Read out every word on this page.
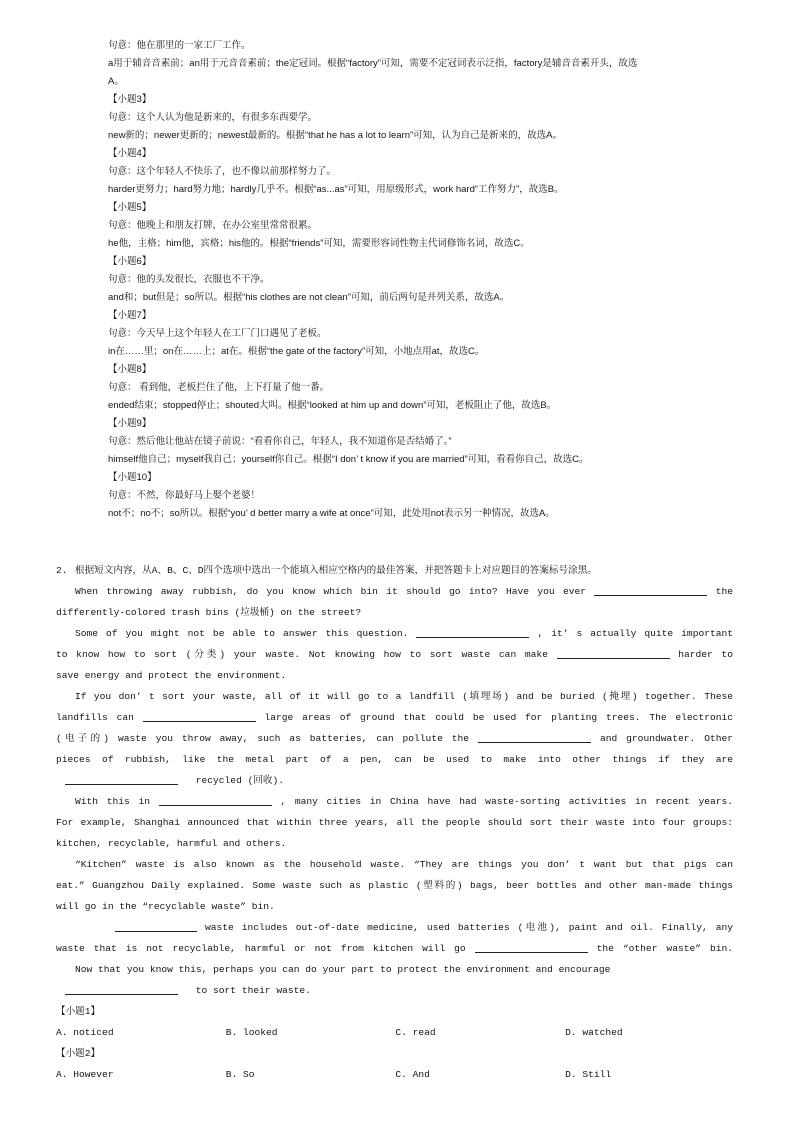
句意：他在那里的一家工厂工作。
a用于辅音音素前；an用于元音音素前；the定冠词。根据“factory”可知，需要不定冠词表示泛指，factory是辅音音素开头，故选
A。
【小题3】
句意：这个人认为他是新来的，有很多东西要学。
new新的；newer更新的；newest最新的。根据“that he has a lot to learn”可知，认为自己是新来的，故选A。
【小题4】
句意：这个年轻人不快乐了，也不像以前那样努力了。
harder更努力；hard努力地；hardly几乎不。根据“as...as”可知，用原级形式，work hard“工作努力”，故选B。
【小题5】
句意：他晚上和朋友打牌，在办公室里常常很累。
he他，主格；him他，宾格；his他的。根据“friends”可知，需要形容词性物主代词修饰名词，故选C。
【小题6】
句意：他的头发很长，衣服也不干净。
and和；but但是；so所以。根据“his clothes are not clean”可知，前后两句是并列关系，故选A。
【小题7】
句意：今天早上这个年轻人在工厂门口遇见了老板。
in在……里；on在……上；at在。根据“the gate of the factory”可知，小地点用at，故选C。
【小题8】
句意： 看到他，老板拦住了他，上下打量了他一番。
ended结束；stopped停止；shouted大叫。根据“looked at him up and down”可知，老板阻止了他，故选B。
【小题9】
句意：然后他让他站在镜子前说：“看看你自己，年轻人，我不知道你是否结婚了。”
himself他自己；myself我自己；yourself你自己。根据“I don’ t know if you are married”可知，看看你自己，故选C。
【小题10】
句意：不然，你最好马上娶个老婆！
not不；no不；so所以。根据“you’ d better marry a wife at once”可知，此处用not表示另一种情况，故选A。
2. 根据短文内容，从A、B、C、D四个选项中选出一个能填入相应空格内的最佳答案，并把答题卡上对应题目的答案标号涂黑。
When throwing away rubbish, do you know which bin it should go into? Have you ever	the
differently-colored trash bins (垃圾桶) on the street?
Some of you might not be able to answer this question.	, it’ s actually quite important
to know how to sort (分类) your waste. Not knowing how to sort waste can make	harder to
save energy and protect the environment.
If you don’ t sort your waste, all of it will go to a landfill (填埋场) and be buried (掩埋) together. These
landfills can	large areas of ground that could be used for planting trees. The electronic
(电子的) waste you throw away, such as batteries, can pollute the	and groundwater. Other
pieces of rubbish, like the metal part of a pen, can be used to make into other things if they are
recycled (回收).
With this in	, many cities in China have had waste-sorting activities in recent years.
For example, Shanghai announced that within three years, all the people should sort their waste into four groups:
kitchen, recyclable, harmful and others.
“Kitchen” waste is also known as the household waste. “They are things you don’ t want but that pigs can
eat.” Guangzhou Daily explained. Some waste such as plastic (塑料的) bags, beer bottles and other man-made things
will go in the “recyclable waste” bin.
waste includes out-of-date medicine, used batteries (电池), paint and oil. Finally, any
waste that is not recyclable, harmful or not from kitchen will go	the “other waste” bin.
Now that you know this, perhaps you can do your part to protect the environment and encourage
to sort their waste.
【小题1】
A. noticed	B. looked	C. read	D. watched
【小题2】
A. However	B. So	C. And	D. Still
